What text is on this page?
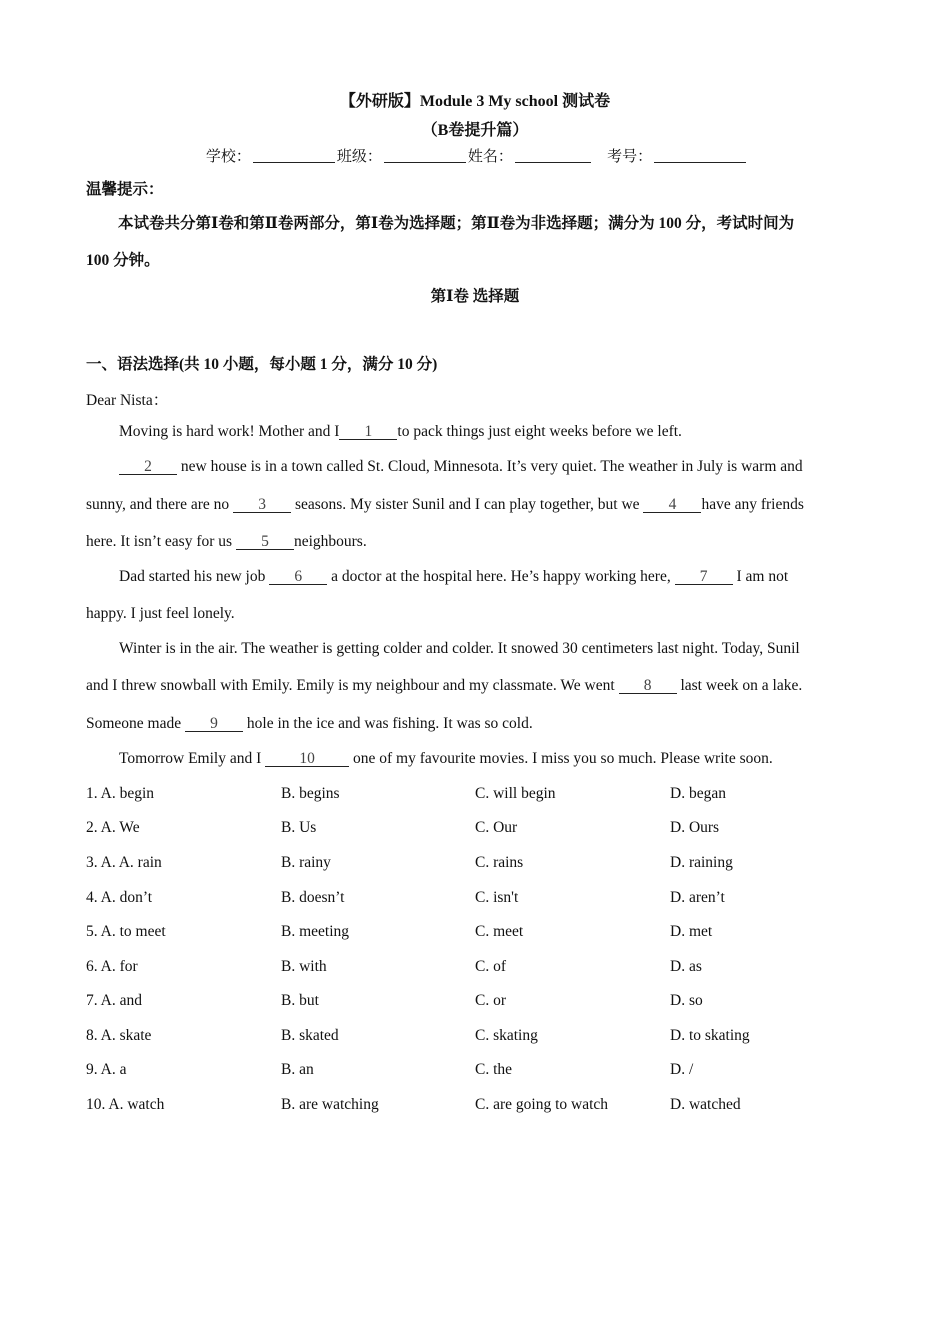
【外研版】Module 3 My school 测试卷
（B卷提升篇）
学校：	班级：	姓名：	考号：
温馨提示：
本试卷共分第Ⅰ卷和第Ⅱ卷两部分，第Ⅰ卷为选择题；第Ⅱ卷为非选择题；满分为 100 分，考试时间为
100 分钟。
第Ⅰ卷 选择题
一、语法选择(共 10 小题，每小题 1 分，满分 10 分)
Dear Nista：
Moving is hard work! Mother and I 1 to pack things just eight weeks before we left.
2 new house is in a town called St. Cloud, Minnesota. It’s very quiet. The weather in July is warm and
sunny, and there are no 3 seasons. My sister Sunil and I can play together, but we 4 have any friends
here. It isn’t easy for us 5 neighbours.
Dad started his new job 6 a doctor at the hospital here. He’s happy working here, 7 I am not
happy. I just feel lonely.
Winter is in the air. The weather is getting colder and colder. It snowed 30 centimeters last night. Today, Sunil
and I threw snowball with Emily. Emily is my neighbour and my classmate. We went 8 last week on a lake.
Someone made 9 hole in the ice and was fishing. It was so cold.
Tomorrow Emily and I 10 one of my favourite movies. I miss you so much. Please write soon.
1. A. begin	B. begins	C. will begin	D. began
2. A. We	B. Us	C. Our	D. Ours
3. A. A. rain	B. rainy	C. rains	D. raining
4. A. don’t	B. doesn’t	C. isn't	D. aren’t
5. A. to meet	B. meeting	C. meet	D. met
6. A. for	B. with	C. of	D. as
7. A. and	B. but	C. or	D. so
8. A. skate	B. skated	C. skating	D. to skating
9. A. a	B. an	C. the	D. /
10. A. watch	B. are watching	C. are going to watch	D. watched
